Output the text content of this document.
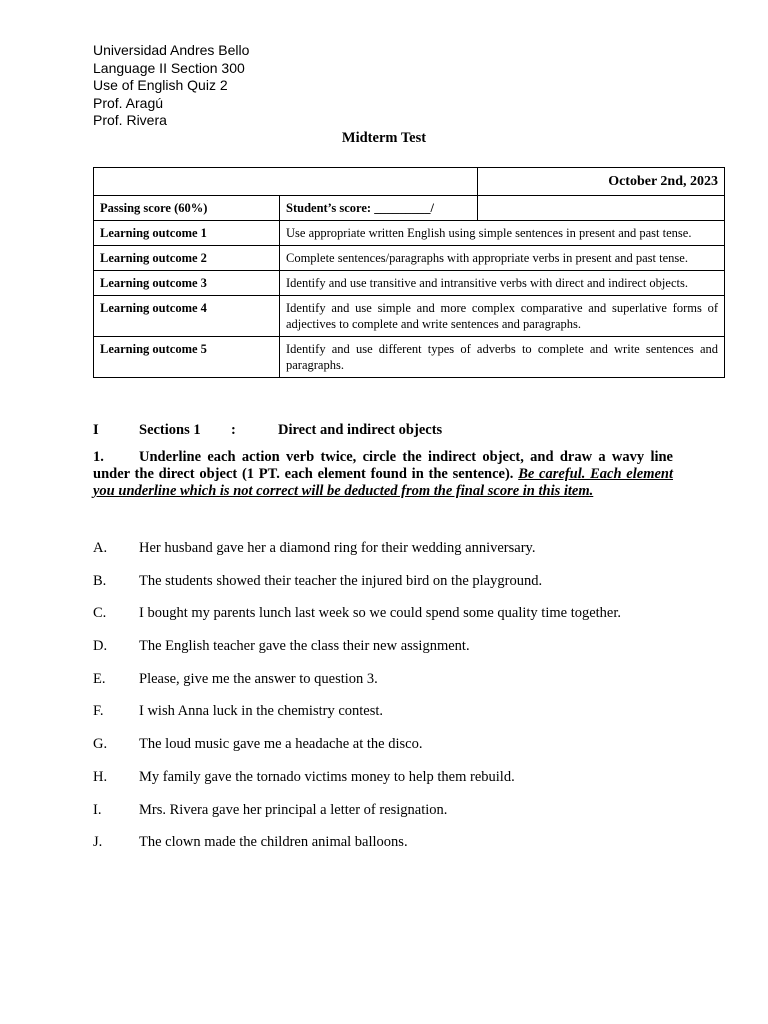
Universidad Andres Bello
Language II Section 300
Use of English Quiz 2
Prof. Aragú
Prof. Rivera
Midterm Test
		October 2nd, 2023
Passing score (60%)	Student’s score: _________/	
Learning outcome 1	Use appropriate written English using simple sentences in present and past tense.	
Learning outcome 2	Complete sentences/paragraphs with appropriate verbs in present and past tense.	
Learning outcome 3	Identify and use transitive and intransitive verbs with direct and indirect objects.	
Learning outcome 4	Identify and use simple and more complex comparative and superlative forms of adjectives to complete and write sentences and paragraphs.	
Learning outcome 5	Identify and use different types of adverbs to complete and write sentences and paragraphs.	
I	Sections 1 :	Direct and indirect objects
1. Underline each action verb twice, circle the indirect object, and draw a wavy line under the direct object (1 PT. each element found in the sentence). Be careful. Each element you underline which is not correct will be deducted from the final score in this item.
A. Her husband gave her a diamond ring for their wedding anniversary.
B. The students showed their teacher the injured bird on the playground.
C. I bought my parents lunch last week so we could spend some quality time together.
D. The English teacher gave the class their new assignment.
E. Please, give me the answer to question 3.
F. I wish Anna luck in the chemistry contest.
G. The loud music gave me a headache at the disco.
H. My family gave the tornado victims money to help them rebuild.
I.	Mrs. Rivera gave her principal a letter of resignation.
J.	The clown made the children animal balloons.
